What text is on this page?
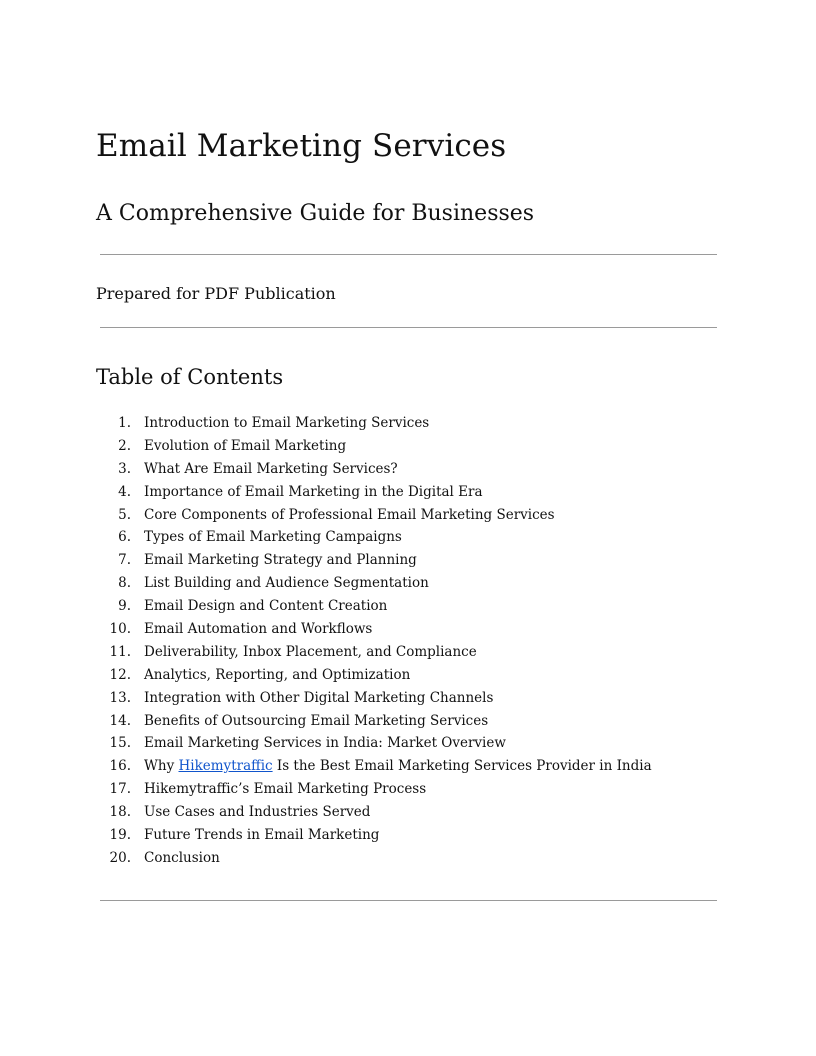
Email Marketing Services
A Comprehensive Guide for Businesses

Prepared for PDF Publication

Table of Contents
1. Introduction to Email Marketing Services
2. Evolution of Email Marketing
3. What Are Email Marketing Services?
4. Importance of Email Marketing in the Digital Era
5. Core Components of Professional Email Marketing Services
6. Types of Email Marketing Campaigns
7. Email Marketing Strategy and Planning
8. List Building and Audience Segmentation
9. Email Design and Content Creation
10. Email Automation and Workflows
11. Deliverability, Inbox Placement, and Compliance
12. Analytics, Reporting, and Optimization
13. Integration with Other Digital Marketing Channels
14. Benefits of Outsourcing Email Marketing Services
15. Email Marketing Services in India: Market Overview
16. Why Hikemytraffic Is the Best Email Marketing Services Provider in India
17. Hikemytraffic’s Email Marketing Process
18. Use Cases and Industries Served
19. Future Trends in Email Marketing
20. Conclusion
